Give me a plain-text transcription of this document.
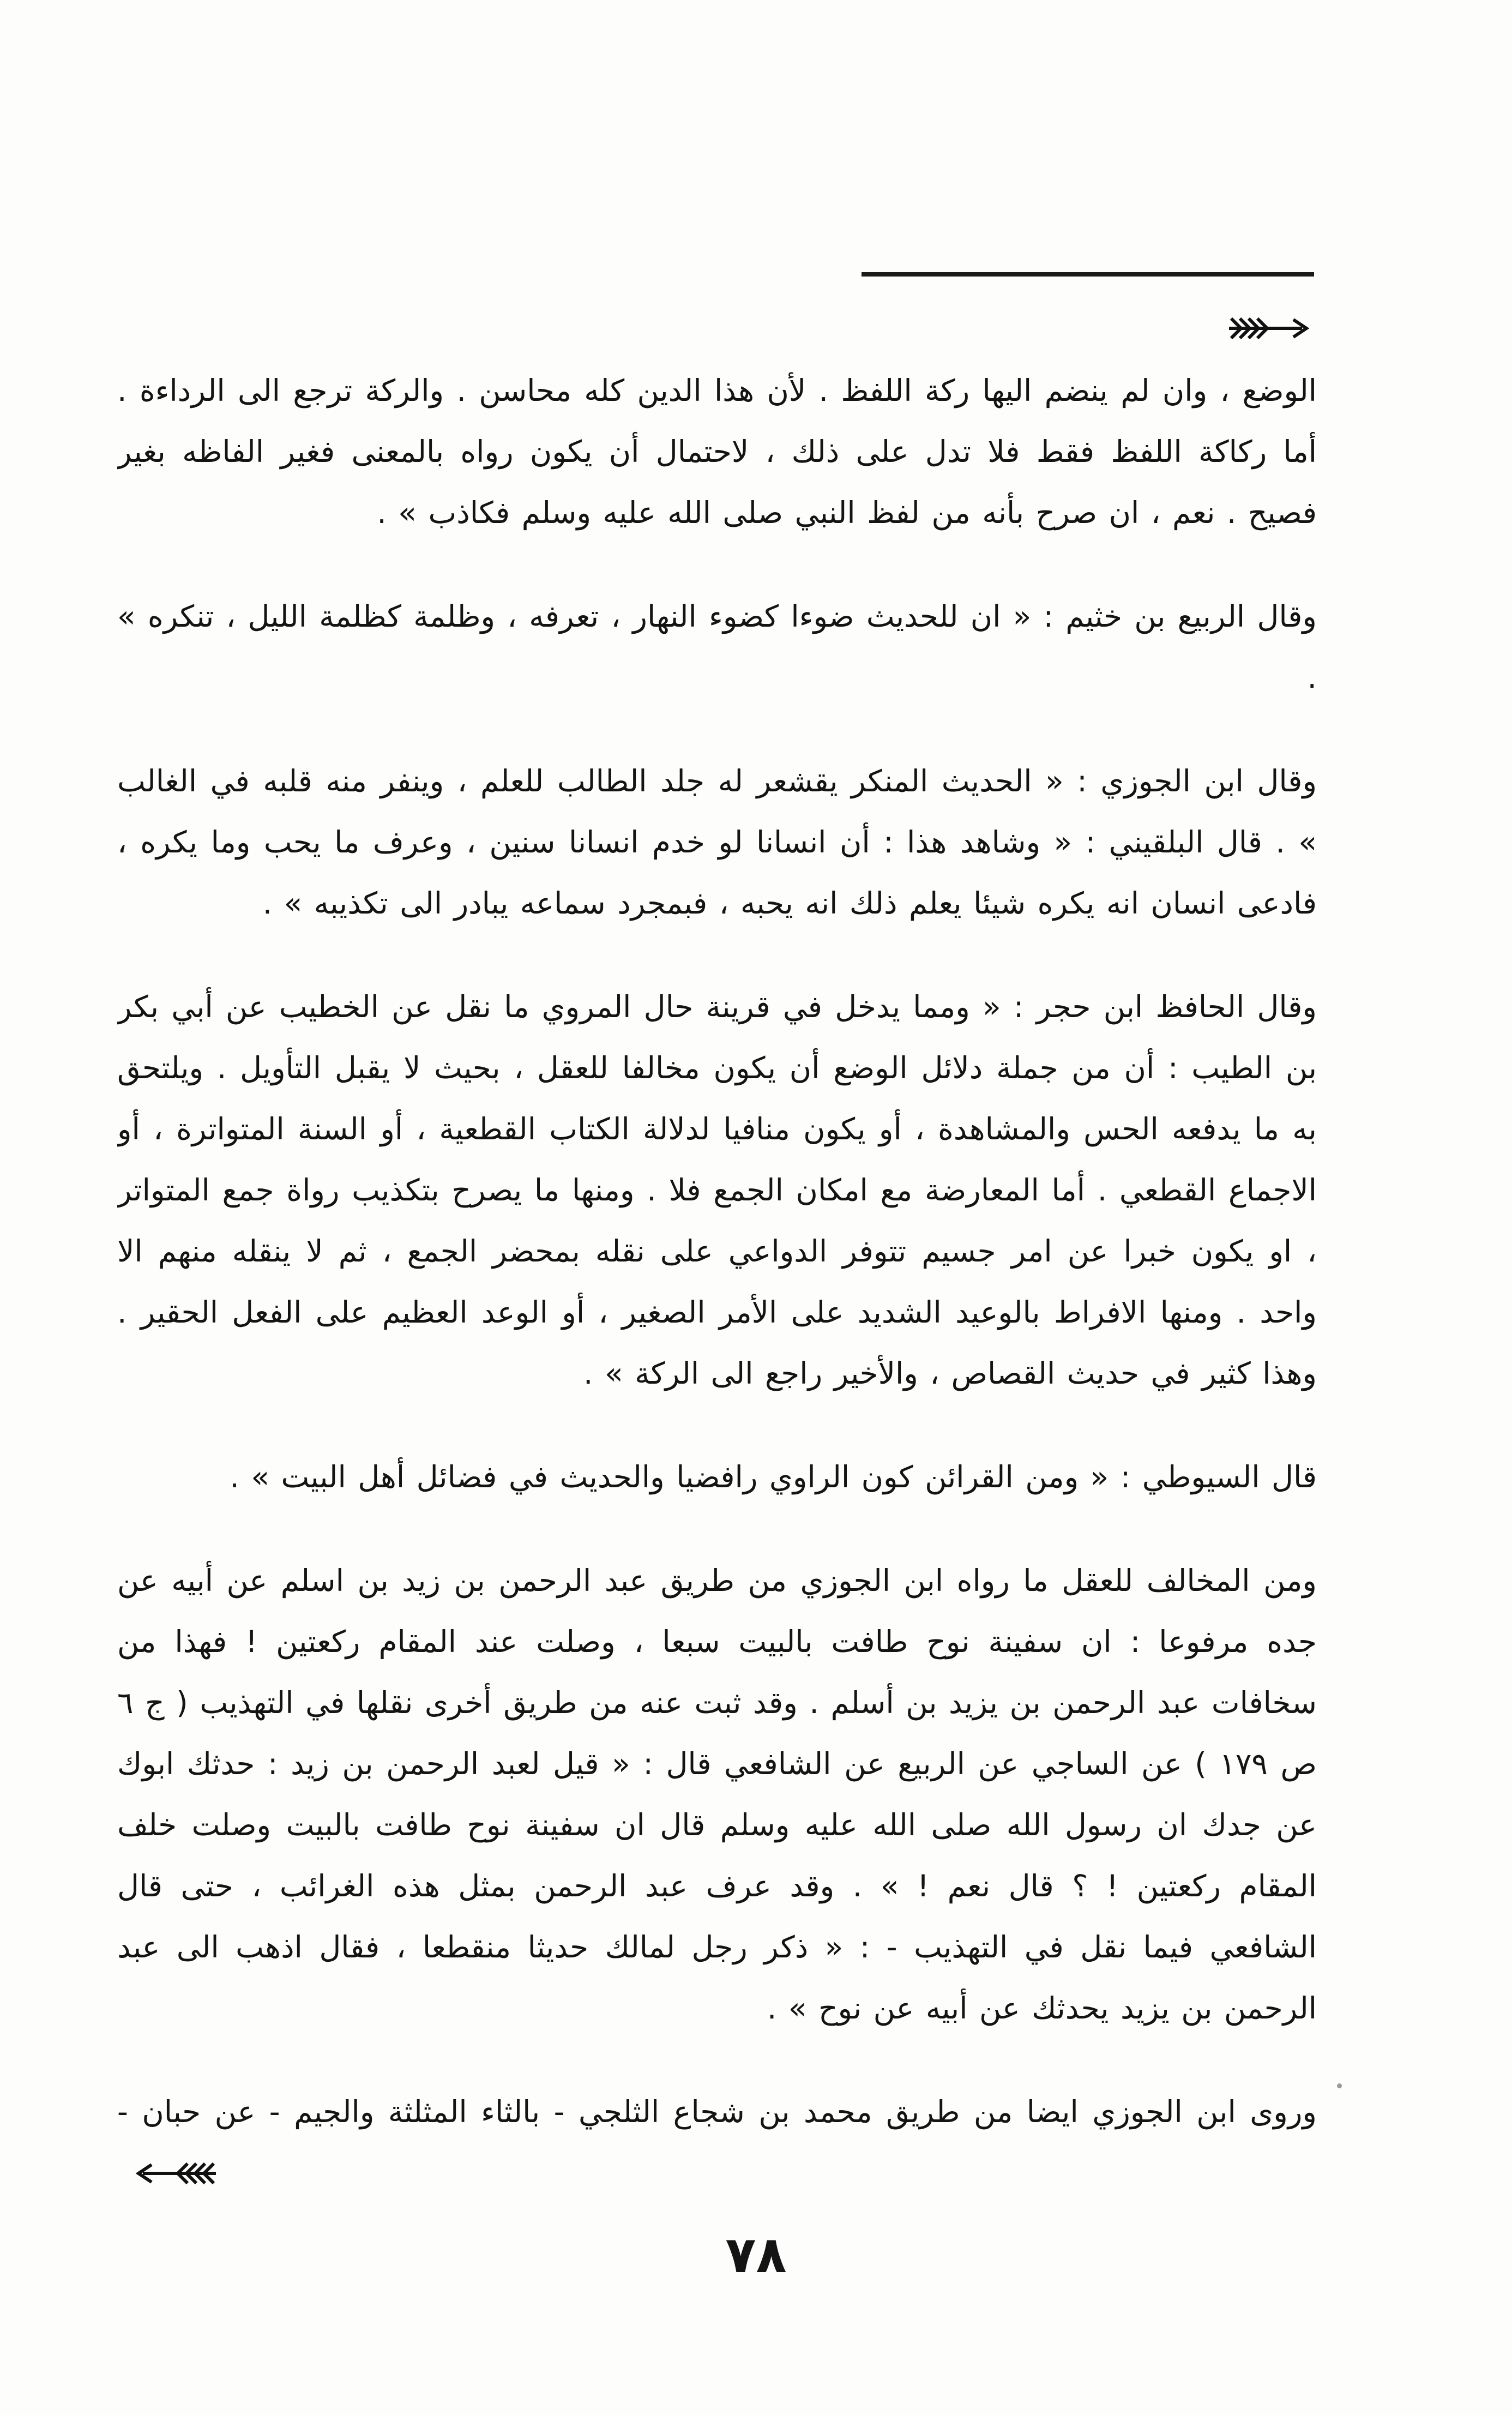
الوضع ، وان لم ينضم اليها ركة اللفظ . لأن هذا الدين كله محاسن . والركة ترجع الى الرداءة . أما ركاكة اللفظ فقط فلا تدل على ذلك ، لاحتمال أن يكون رواه بالمعنى فغير الفاظه بغير فصيح . نعم ، ان صرح بأنه من لفظ النبي صلى الله عليه وسلم فكاذب » .

وقال الربيع بن خثيم : « ان للحديث ضوءا كضوء النهار ، تعرفه ، وظلمة كظلمة الليل ، تنكره » .

وقال ابن الجوزي : « الحديث المنكر يقشعر له جلد الطالب للعلم ، وينفر منه قلبه في الغالب » . قال البلقيني : « وشاهد هذا : أن انسانا لو خدم انسانا سنين ، وعرف ما يحب وما يكره ، فادعى انسان انه يكره شيئا يعلم ذلك انه يحبه ، فبمجرد سماعه يبادر الى تكذيبه » .

وقال الحافظ ابن حجر : « ومما يدخل في قرينة حال المروي ما نقل عن الخطيب عن أبي بكر بن الطيب : أن من جملة دلائل الوضع أن يكون مخالفا للعقل ، بحيث لا يقبل التأويل . ويلتحق به ما يدفعه الحس والمشاهدة ، أو يكون منافيا لدلالة الكتاب القطعية ، أو السنة المتواترة ، أو الاجماع القطعي . أما المعارضة مع امكان الجمع فلا . ومنها ما يصرح بتكذيب رواة جمع المتواتر ، او يكون خبرا عن امر جسيم تتوفر الدواعي على نقله بمحضر الجمع ، ثم لا ينقله منهم الا واحد . ومنها الافراط بالوعيد الشديد على الأمر الصغير ، أو الوعد العظيم على الفعل الحقير . وهذا كثير في حديث القصاص ، والأخير راجع الى الركة » .

قال السيوطي : « ومن القرائن كون الراوي رافضيا والحديث في فضائل أهل البيت » .

ومن المخالف للعقل ما رواه ابن الجوزي من طريق عبد الرحمن بن زيد بن اسلم عن أبيه عن جده مرفوعا : ان سفينة نوح طافت بالبيت سبعا ، وصلت عند المقام ركعتين ! فهذا من سخافات عبد الرحمن بن يزيد بن أسلم . وقد ثبت عنه من طريق أخرى نقلها في التهذيب ( ج ٦ ص ١٧٩ ) عن الساجي عن الربيع عن الشافعي قال : « قيل لعبد الرحمن بن زيد : حدثك ابوك عن جدك ان رسول الله صلى الله عليه وسلم قال ان سفينة نوح طافت بالبيت وصلت خلف المقام ركعتين ! ؟ قال نعم ! » . وقد عرف عبد الرحمن بمثل هذه الغرائب ، حتى قال الشافعي فيما نقل في التهذيب - : « ذكر رجل لمالك حديثا منقطعا ، فقال اذهب الى عبد الرحمن بن يزيد يحدثك عن أبيه عن نوح » .

وروى ابن الجوزي ايضا من طريق محمد بن شجاع الثلجي - بالثاء المثلثة والجيم - عن حبان -

٧٨
